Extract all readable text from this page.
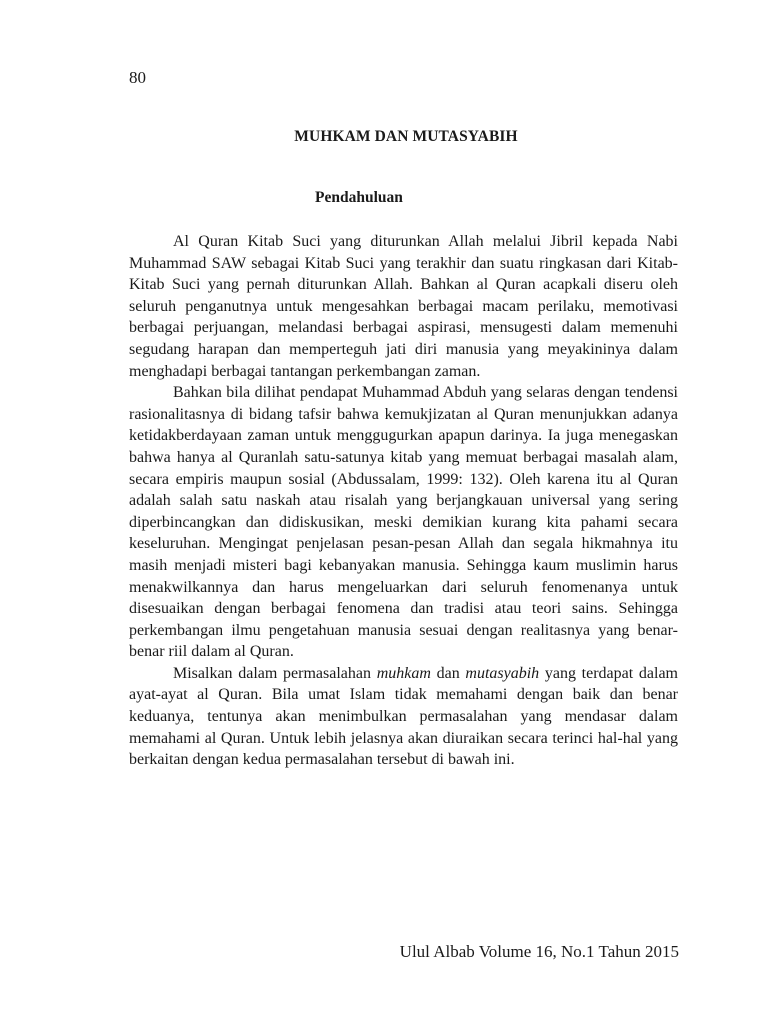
80

MUHKAM DAN MUTASYABIH
Pendahuluan

Al Quran Kitab Suci yang diturunkan Allah melalui Jibril kepada Nabi Muhammad SAW sebagai Kitab Suci yang terakhir dan suatu ringkasan dari Kitab-Kitab Suci yang pernah diturunkan Allah. Bahkan al Quran acapkali diseru oleh seluruh penganutnya untuk mengesahkan berbagai macam perilaku, memotivasi berbagai perjuangan, melandasi berbagai aspirasi, mensugesti dalam memenuhi segudang harapan dan memperteguh jati diri manusia yang meyakininya dalam menghadapi berbagai tantangan perkembangan zaman.

Bahkan bila dilihat pendapat Muhammad Abduh yang selaras dengan tendensi rasionalitasnya di bidang tafsir bahwa kemukjizatan al Quran menunjukkan adanya ketidakberdayaan zaman untuk menggugurkan apapun darinya. Ia juga menegaskan bahwa hanya al Quranlah satu-satunya kitab yang memuat berbagai masalah alam, secara empiris maupun sosial (Abdussalam, 1999: 132). Oleh karena itu al Quran adalah salah satu naskah atau risalah yang berjangkauan universal yang sering diperbincangkan dan didiskusikan, meski demikian kurang kita pahami secara keseluruhan. Mengingat penjelasan pesan-pesan Allah dan segala hikmahnya itu masih menjadi misteri bagi kebanyakan manusia. Sehingga kaum muslimin harus menakwilkannya dan harus mengeluarkan dari seluruh fenomenanya untuk disesuaikan dengan berbagai fenomena dan tradisi atau teori sains. Sehingga perkembangan ilmu pengetahuan manusia sesuai dengan realitasnya yang benar-benar riil dalam al Quran.

Misalkan dalam permasalahan muhkam dan mutasyabih yang terdapat dalam ayat-ayat al Quran. Bila umat Islam tidak memahami dengan baik dan benar keduanya, tentunya akan menimbulkan permasalahan yang mendasar dalam memahami al Quran. Untuk lebih jelasnya akan diuraikan secara terinci hal-hal yang berkaitan dengan kedua permasalahan tersebut di bawah ini.

Ulul Albab Volume 16, No.1 Tahun 2015
